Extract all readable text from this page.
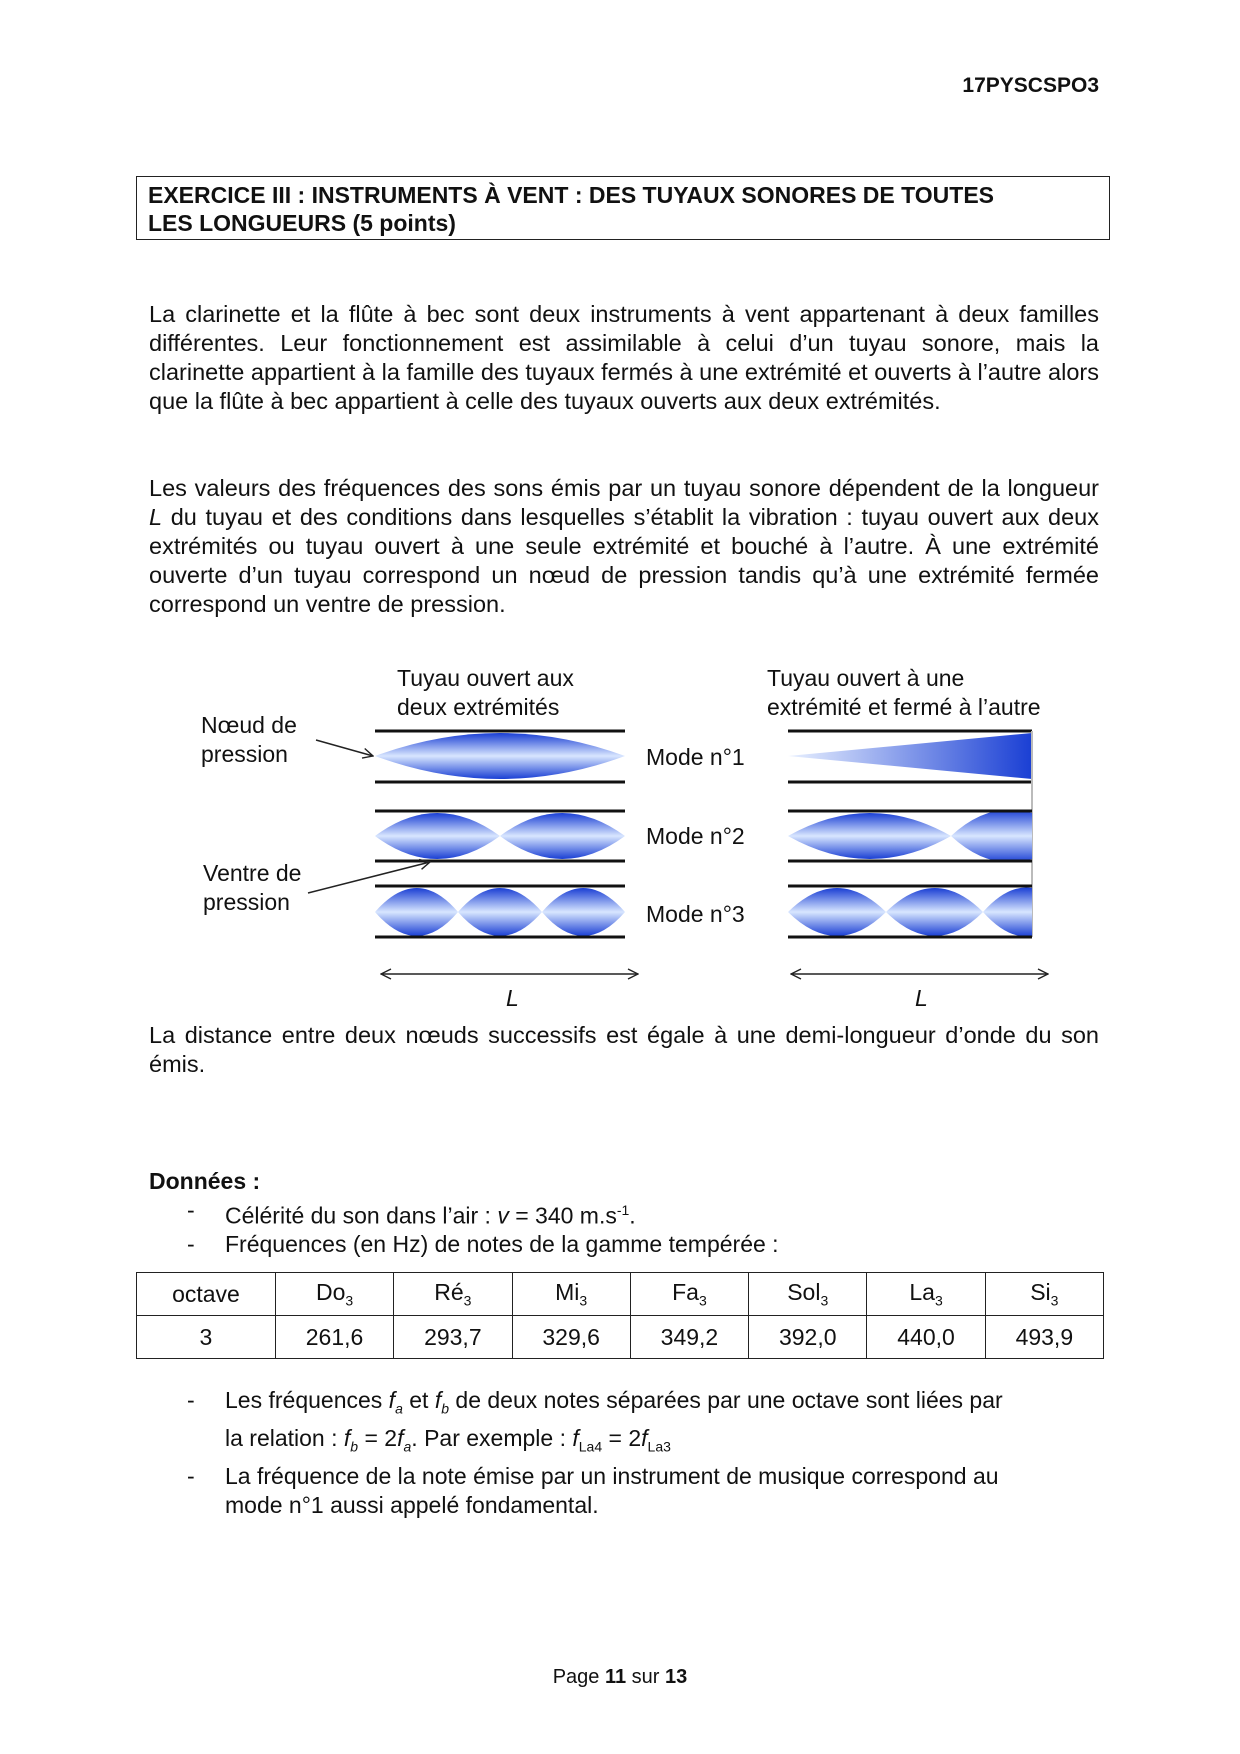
17PYSCSPO3
EXERCICE III : INSTRUMENTS À VENT : DES TUYAUX SONORES DE TOUTES
LES LONGUEURS (5 points)
La clarinette et la flûte à bec sont deux instruments à vent appartenant à deux familles différentes. Leur fonctionnement est assimilable à celui d’un tuyau sonore, mais la clarinette appartient à la famille des tuyaux fermés à une extrémité et ouverts à l’autre alors que la flûte à bec appartient à celle des tuyaux ouverts aux deux extrémités.
Les valeurs des fréquences des sons émis par un tuyau sonore dépendent de la longueur L du tuyau et des conditions dans lesquelles s’établit la vibration : tuyau ouvert aux deux extrémités ou tuyau ouvert à une seule extrémité et bouché à l’autre. À une extrémité ouverte d’un tuyau correspond un nœud de pression tandis qu’à une extrémité fermée correspond un ventre de pression.
Tuyau ouvert aux
deux extrémités
Tuyau ouvert à une
extrémité et fermé à l’autre
Nœud de
pression
Ventre de
pression
Mode n°1
Mode n°2
Mode n°3
L	L
La distance entre deux nœuds successifs est égale à une demi-longueur d’onde du son émis.
Données :
- Célérité du son dans l’air : v = 340 $m.s^{-1}$.
- Fréquences (en Hz) de notes de la gamme tempérée :
octave	$Do_3$	$Ré_3$	$Mi_3$	$Fa_3$	Sol$_3$	$La_3$	$Si_3$
3	261,6	293,7	329,6	349,2	392,0	440,0	493,9
- Les fréquences $f_a$ et $f_b$ de deux notes séparées par une octave sont liées par
la relation : $f_b = 2f_a$. Par exemple : $f_{La4} = 2f_{La3}$
- La fréquence de la note émise par un instrument de musique correspond au
mode n°1 aussi appelé fondamental.
Page 11 sur 13
